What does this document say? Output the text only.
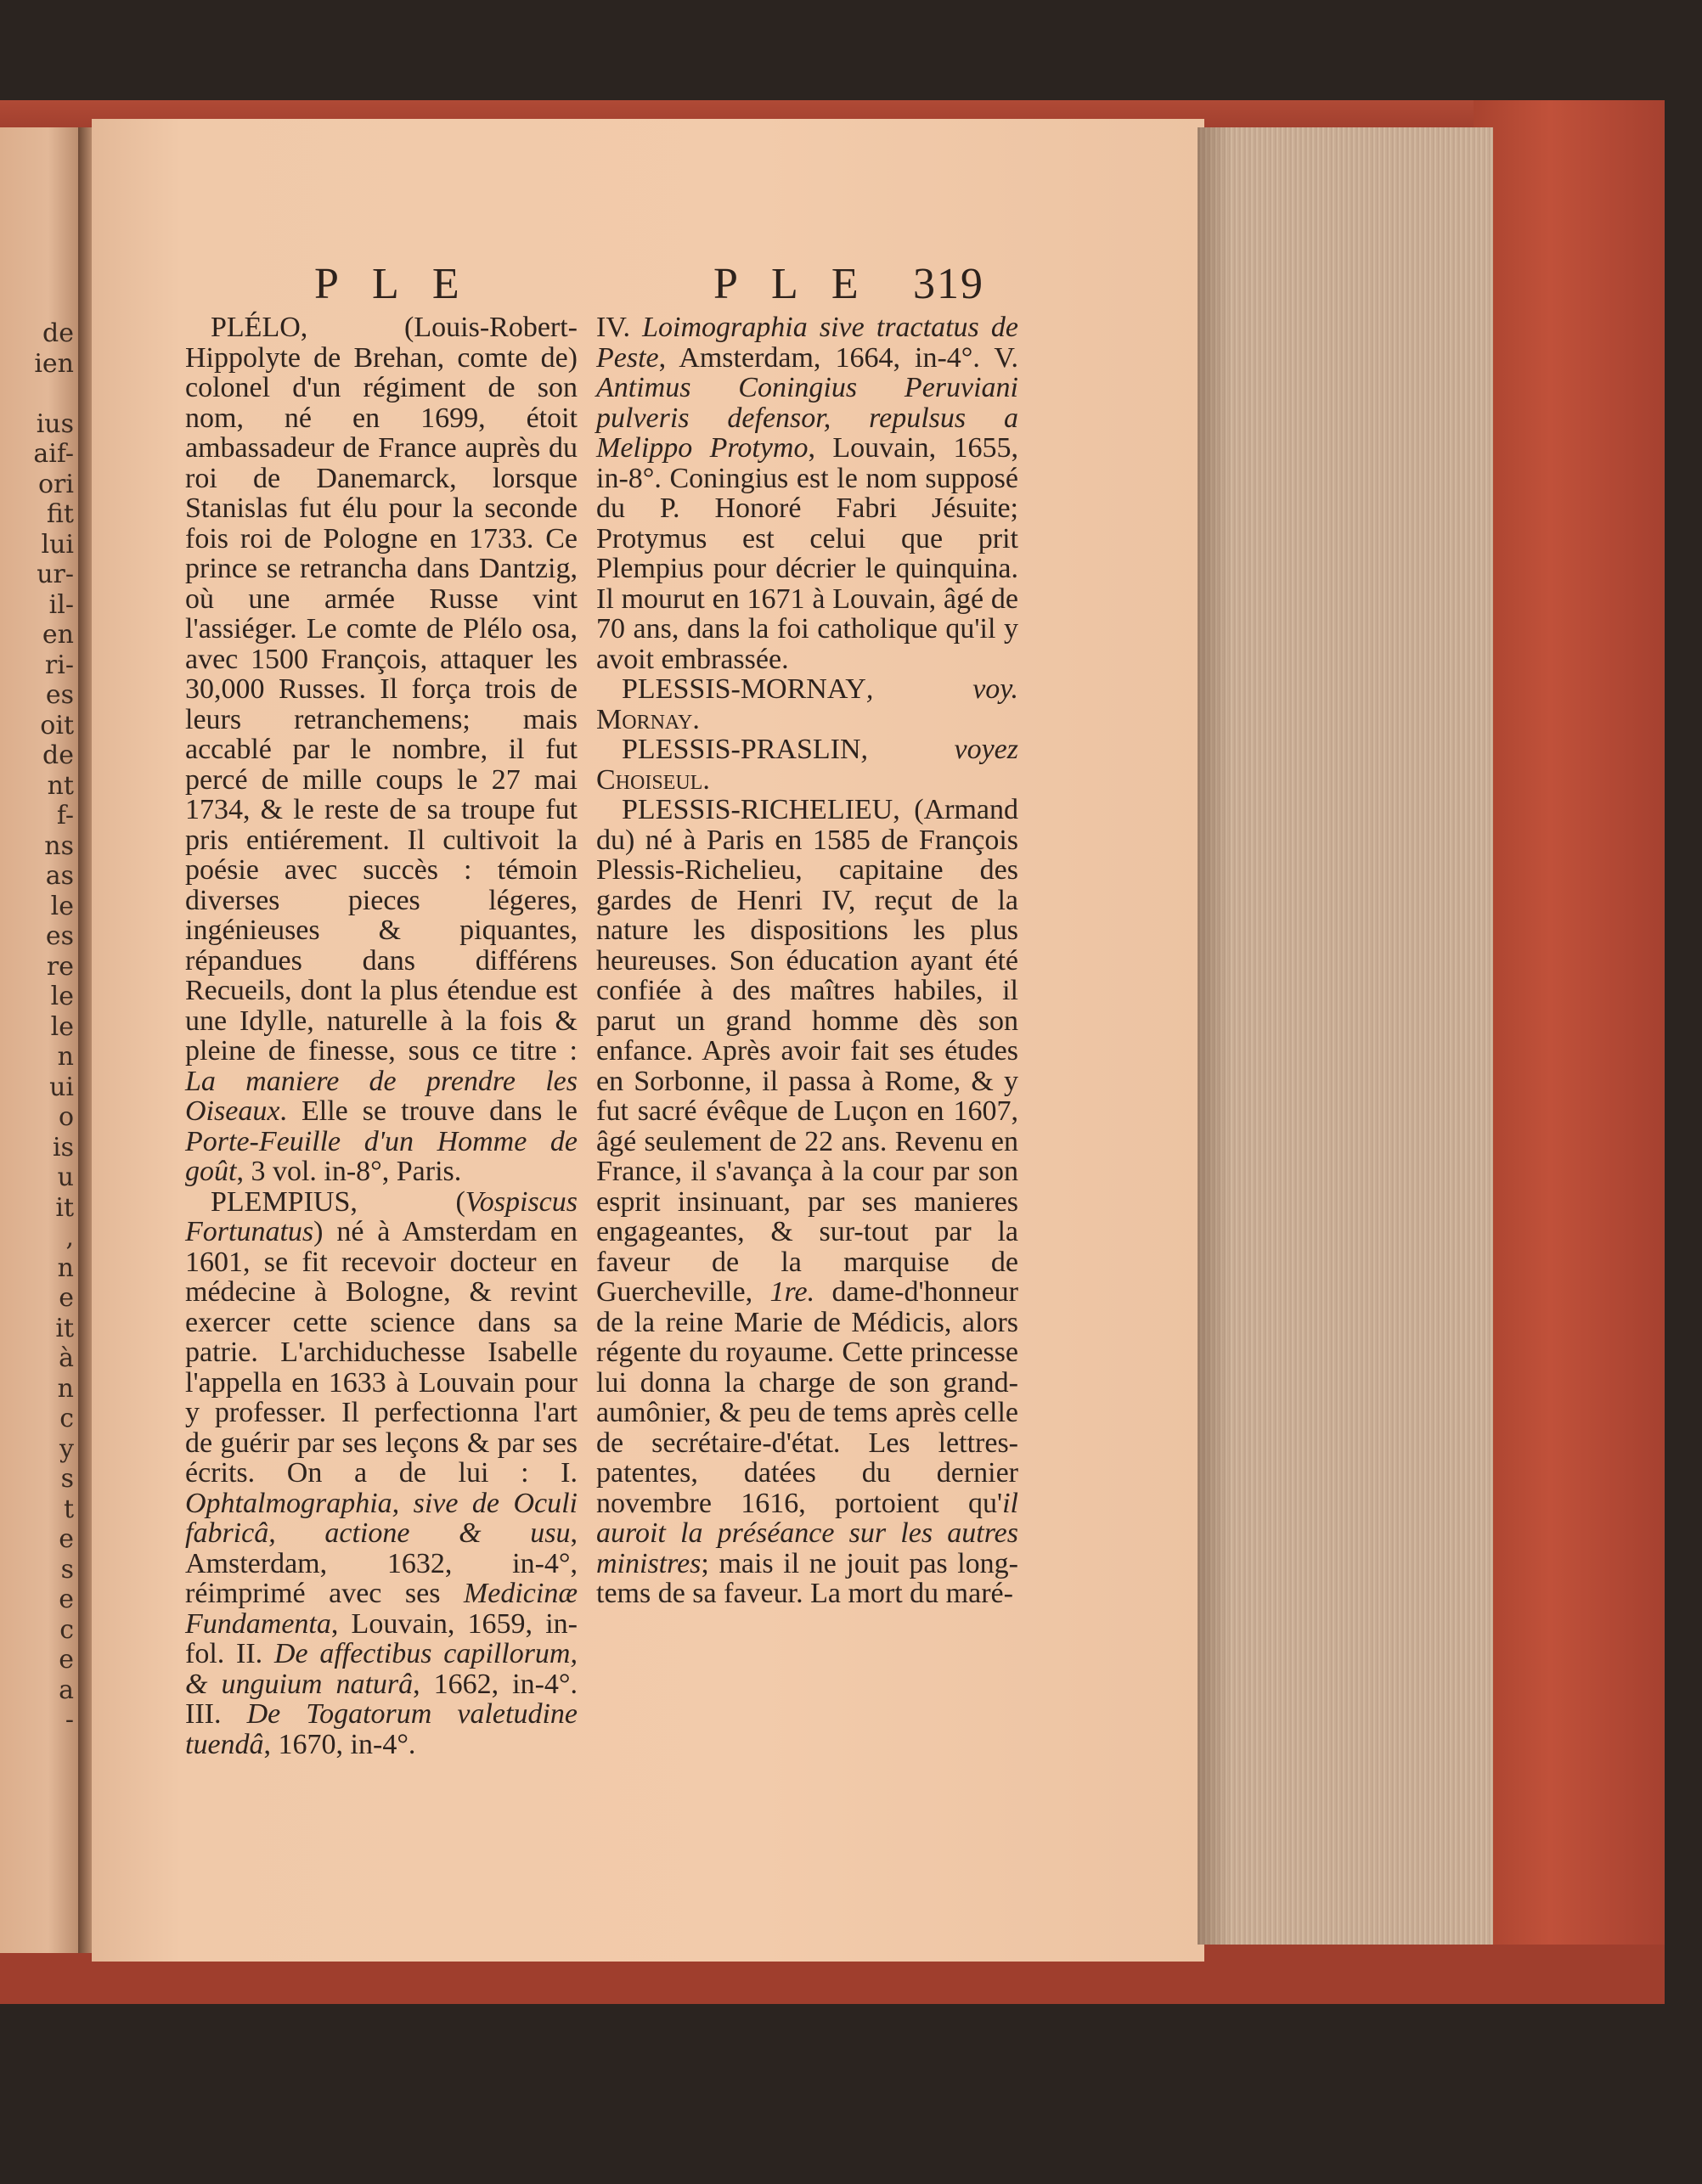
de
ien
ius
aif-
ori
fit
lui
ur-
il-
en
ri-
es
oit
de
nt
f-
ns
as
le
es
re
le
le
n
ui
o
is
u
it
,
n
e
it
à
n
c
y
s
t
e
s
e
c
e
a
-
P L E	P L E 319

PLÉLO, (Louis-Robert-Hippolyte de Brehan, comte de) colonel d'un régiment de son nom, né en 1699, étoit ambassadeur de France auprès du roi de Danemarck, lorsque Stanislas fut élu pour la seconde fois roi de Pologne en 1733. Ce prince se retrancha dans Dantzig, où une armée Russe vint l'assiéger. Le comte de Plélo osa, avec 1500 François, attaquer les 30,000 Russes. Il força trois de leurs retranchemens; mais accablé par le nombre, il fut percé de mille coups le 27 mai 1734, & le reste de sa troupe fut pris entiérement. Il cultivoit la poésie avec succès : témoin diverses pieces légeres, ingénieuses & piquantes, répandues dans différens Recueils, dont la plus étendue est une Idylle, naturelle à la fois & pleine de finesse, sous ce titre : La maniere de prendre les Oiseaux. Elle se trouve dans le Porte-Feuille d'un Homme de goût, 3 vol. in-8°, Paris.

PLEMPIUS, (Vospiscus Fortunatus) né à Amsterdam en 1601, se fit recevoir docteur en médecine à Bologne, & revint exercer cette science dans sa patrie. L'archiduchesse Isabelle l'appella en 1633 à Louvain pour y professer. Il perfectionna l'art de guérir par ses leçons & par ses écrits. On a de lui : I. Ophtalmographia, sive de Oculi fabricâ, actione & usu, Amsterdam, 1632, in-4°, réimprimé avec ses Medicinæ Fundamenta, Louvain, 1659, in-fol. II. De affectibus capillorum, & unguium naturâ, 1662, in-4°. III. De Togatorum valetudine tuendâ, 1670, in-4°.

IV. Loimographia sive tractatus de Peste, Amsterdam, 1664, in-4°. V. Antimus Coningius Peruviani pulveris defensor, repulsus a Melippo Protymo, Louvain, 1655, in-8°. Coningius est le nom supposé du P. Honoré Fabri Jésuite; Protymus est celui que prit Plempius pour décrier le quinquina. Il mourut en 1671 à Louvain, âgé de 70 ans, dans la foi catholique qu'il y avoit embrassée.

PLESSIS-MORNAY, voy. Mornay.

PLESSIS-PRASLIN, voyez Choiseul.

PLESSIS-RICHELIEU, (Armand du) né à Paris en 1585 de François Plessis-Richelieu, capitaine des gardes de Henri IV, reçut de la nature les dispositions les plus heureuses. Son éducation ayant été confiée à des maîtres habiles, il parut un grand homme dès son enfance. Après avoir fait ses études en Sorbonne, il passa à Rome, & y fut sacré évêque de Luçon en 1607, âgé seulement de 22 ans. Revenu en France, il s'avança à la cour par son esprit insinuant, par ses manieres engageantes, & sur-tout par la faveur de la marquise de Guercheville, 1re. dame-d'honneur de la reine Marie de Médicis, alors régente du royaume. Cette princesse lui donna la charge de son grand-aumônier, & peu de tems après celle de secrétaire-d'état. Les lettres-patentes, datées du dernier novembre 1616, portoient qu'il auroit la préséance sur les autres ministres; mais il ne jouit pas long-tems de sa faveur. La mort du maré-
